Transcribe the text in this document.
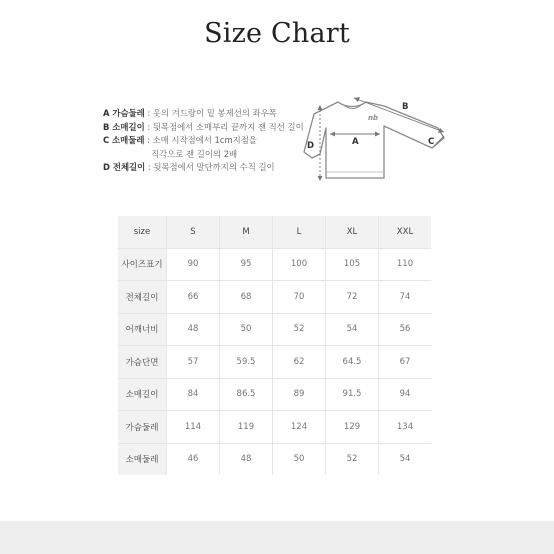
Size Chart
A 가슴둘레 : 옷의 겨드랑이 밑 봉제선의 좌우폭
B 소매길이 : 뒷목점에서 소매부리 끝까지 잰 직선 길이
C 소매둘레 : 소매 시작점에서 1cm지점을
직각으로 잰 길이의 2배
D 전체길이 : 뒷목점에서 말단까지의 수직 길이
nb
B
A
D	C
size	S	M	L	XL	XXL
사이즈표기	90	95	100	105	110
전체길이	66	68	70	72	74
어깨너비	48	50	52	54	56
가슴단면	57	59.5	62	64.5	67
소매길이	84	86.5	89	91.5	94
가슴둘레	114	119	124	129	134
소매둘레	46	48	50	52	54
